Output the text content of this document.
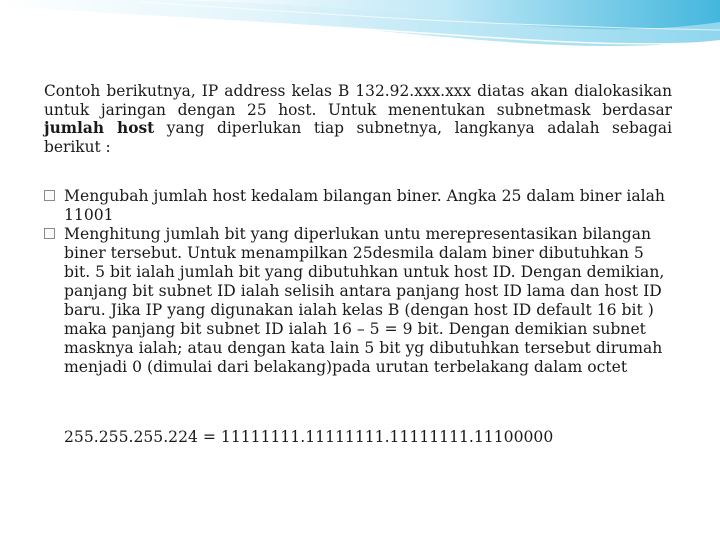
Contoh berikutnya, IP address kelas B 132.92.xxx.xxx diatas akan dialokasikan untuk jaringan dengan 25 host. Untuk menentukan subnetmask berdasar jumlah host yang diperlukan tiap subnetnya, langkanya adalah sebagai berikut :

Mengubah jumlah host kedalam bilangan biner. Angka 25 dalam biner ialah 11001
Menghitung jumlah bit yang diperlukan untu merepresentasikan bilangan biner tersebut. Untuk menampilkan 25desmila dalam biner dibutuhkan 5 bit. 5 bit ialah jumlah bit yang dibutuhkan untuk host ID. Dengan demikian, panjang bit subnet ID ialah selisih antara panjang host ID lama dan host ID baru. Jika IP yang digunakan ialah kelas B (dengan host ID default 16 bit ) maka panjang bit subnet ID ialah 16 – 5 = 9 bit. Dengan demikian subnet masknya ialah; atau dengan kata lain 5 bit yg dibutuhkan tersebut dirumah menjadi 0 (dimulai dari belakang)pada urutan terbelakang dalam octet

255.255.255.224 = 11111111.11111111.11111111.11100000
